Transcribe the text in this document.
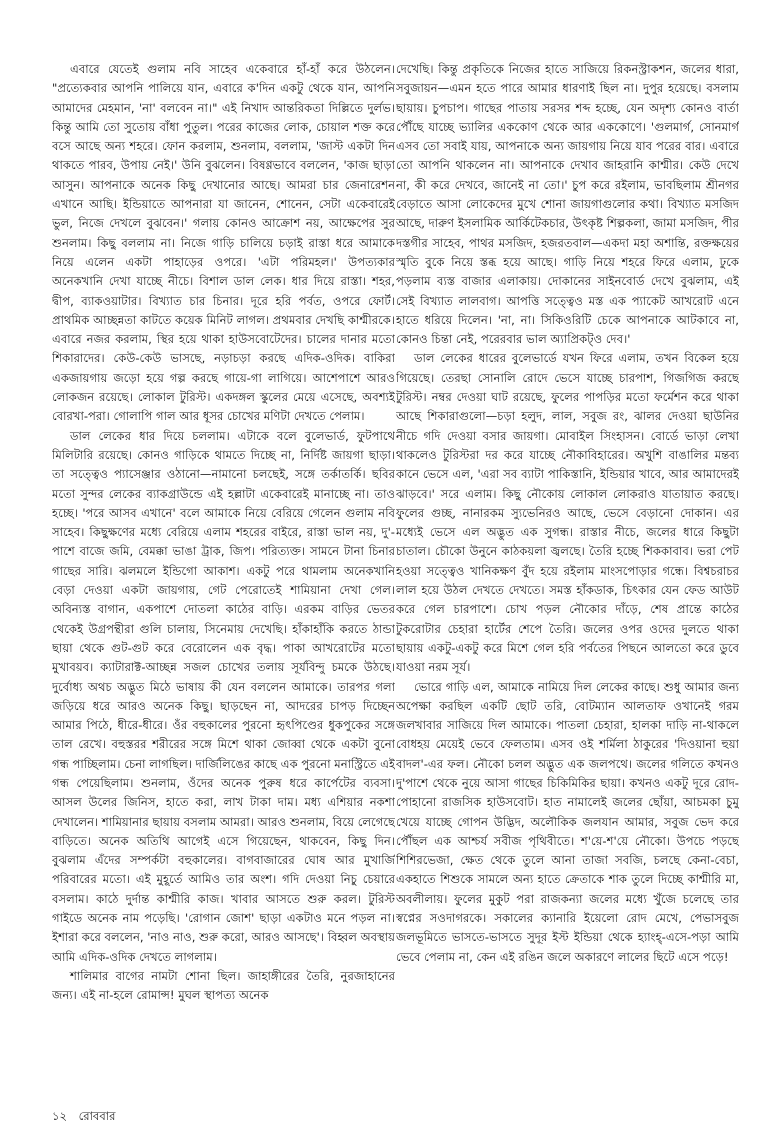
এবারে যেতেই গুলাম নবি সাহেব একেবারে হাঁ-হাঁ করে উঠলেন। "প্রত্যেকবার আপনি পালিয়ে যান, এবারে ক'দিন একটু থেকে যান, আপনি আমাদের মেহমান, 'না' বলবেন না।" এই নিখাদ আন্তরিকতা দিল্লিতে দুর্লভ। কিন্তু আমি তো সুতোয় বাঁধা পুতুল। পরের কাজের লোক, চোয়াল শক্ত করে বসে আছে অন্য শহরে। ফোন করলাম, শুনলাম, বললাম, 'জাস্ট একটা দিন থাকতে পারব, উপায় নেই।' উনি বুঝলেন। বিষণ্ণভাবে বললেন, 'কাজ ছাড়া আসুন। আপনাকে অনেক কিছু দেখানোর আছে। আমরা চার জেনারেশন এখানে আছি। ইন্ডিয়াতে আপনারা যা জানেন, শোনেন, সেটা একেবারেই ভুল, নিজে দেখলে বুঝবেন।' গলায় কোনও আক্রোশ নয়, আক্ষেপের সুর শুনলাম। কিছু বললাম না। নিজে গাড়ি চালিয়ে চড়াই রাস্তা ধরে আমাকে নিয়ে এলেন একটা পাহাড়ের ওপরে। 'এটা পরিমহল।' উপত্যকার অনেকখানি দেখা যাচ্ছে নীচে। বিশাল ডাল লেক। ধার দিয়ে রাস্তা। শহর, দ্বীপ, ব্যাকওয়াটার। বিখ্যাত চার চিনার। দূরে হরি পর্বত, ওপরে ফোর্ট। প্রাথমিক আচ্ছন্নতা কাটতে কয়েক মিনিট লাগল। প্রথমবার দেখছি কাশ্মীরকে। এবারে নজর করলাম, স্থির হয়ে থাকা হাউসবোটেদের। চালের দানার মতো শিকারাদের। কেউ-কেউ ভাসছে, নড়াচড়া করছে এদিক-ওদিক। বাকিরা একজায়গায় জড়ো হয়ে গল্প করছে গায়ে-গা লাগিয়ে। আশেপাশে আরও লোকজন রয়েছে। লোকাল টুরিস্ট। একদঙ্গল স্কুলের মেয়ে এসেছে, অবশ্যই বোরখা-পরা। গোলাপি গাল আর ধূসর চোখের মণিটা দেখতে পেলাম।

ডাল লেকের ধার দিয়ে চললাম। এটাকে বলে বুলেভার্ড, ফুটপাথে মিলিটারি রয়েছে। কোনও গাড়িকে থামতে দিচ্ছে না, নির্দিষ্ট জায়গা ছাড়া। তা সত্ত্বেও প্যাসেঞ্জার ওঠানো—নামানো চলছেই, সঙ্গে তর্কাতর্কি। ছবির মতো সুন্দর লেকের ব্যাকগ্রাউন্ডে এই হল্লাটা একেবারেই মানাচ্ছে না। তাও হচ্ছে। 'পরে আসব এখানে' বলে আমাকে নিয়ে বেরিয়ে গেলেন গুলাম নবি সাহেব। কিছুক্ষণের মধ্যে বেরিয়ে এলাম শহরের বাইরে, রাস্তা ভাল নয়, দু'-পাশে বাজে জমি, বেমক্কা ভাঙা ট্রাক, জিপ। পরিত্যক্ত। সামনে টানা চিনার গাছের সারি। ঝলমলে ইন্ডিগো আকাশ। একটু পরে থামলাম অনেকখানি বেড়া দেওয়া একটা জায়গায়, গেট পেরোতেই শামিয়ানা দেখা গেল। অবিন্যস্ত বাগান, একপাশে দোতলা কাঠের বাড়ি। এরকম বাড়ির ভেতর থেকেই উগ্রপন্থীরা গুলি চালায়, সিনেমায় দেখেছি। হাঁকাহাঁকি করতে ঠান্ডা ছায়া থেকে গুট-গুট করে বেরোলেন এক বৃদ্ধ। পাকা আখরোটের মতো মুখাবয়ব। ক্যাটারাক্ট-আচ্ছন্ন সজল চোখের তলায় সূর্যবিন্দু চমকে উঠছে। দুর্বোধ্য অথচ অদ্ভুত মিঠে ভাষায় কী যেন বললেন আমাকে। তারপর গলা জড়িয়ে ধরে আরও অনেক কিছু। ছাড়ছেন না, আদরের চাপড় দিচ্ছেন আমার পিঠে, ধীরে-ধীরে। ওঁর বহুকালের পুরনো হৃৎপিণ্ডের ধুকপুকের সঙ্গে তাল রেখে। বহুস্তরর শরীরের সঙ্গে মিশে থাকা জোব্বা থেকে একটা বুনো গন্ধ পাচ্ছিলাম। চেনা লাগছিল। দার্জিলিঙের কাছে এক পুরনো মনাস্ট্রিতে এই গন্ধ পেয়েছিলাম। শুনলাম, ওঁদের অনেক পুরুষ ধরে কার্পেটের ব্যবসা। আসল উলের জিনিস, হাতে করা, লাখ টাকা দাম। মধ্য এশিয়ার নকশা দেখালেন। শামিয়ানার ছায়ায় বসলাম আমরা। আরও শুনলাম, বিয়ে লেগেছে বাড়িতে। অনেক অতিথি আগেই এসে গিয়েছেন, থাকবেন, কিছু দিন। বুঝলাম এঁদের সম্পর্কটা বহুকালের। বাগবাজারের ঘোষ আর মুখার্জি পরিবারের মতো। এই মুহূর্তে আমিও তার অংশ। গদি দেওয়া নিচু চেয়ারে বসলাম। কাঠে দুর্দান্ত কাশ্মীরি কাজ। খাবার আসতে শুরু করল। টুরিস্ট গাইডে অনেক নাম পড়েছি। 'রোগান জোশ' ছাড়া একটাও মনে পড়ল না। ইশারা করে বললেন, 'নাও নাও, শুরু করো, আরও আসছে'। বিহ্বল অবস্থায় আমি এদিক-ওদিক দেখতে লাগলাম।

শালিমার বাগের নামটা শোনা ছিল। জাহাঙ্গীরের তৈরি, নুরজাহানের জন্য। এই না-হলে রোমান্স! মুঘল স্থাপত্য অনেক

দেখেছি। কিন্তু প্রকৃতিকে নিজের হাতে সাজিয়ে রিকনস্ট্রাকশন, জলের ধারা, সবুজায়ন—এমন হতে পারে আমার ধারণাই ছিল না। দুপুর হয়েছে। বসলাম ছায়ায়। চুপচাপ। গাছের পাতায় সরসর শব্দ হচ্ছে, যেন অদৃশ্য কোনও বার্তা পৌঁছে যাচ্ছে ভ্যালির এককোণ থেকে আর এককোণে। 'গুলমার্গ, সোনমার্গ এসব তো সবাই যায়, আপনাকে অন্য জায়গায় নিয়ে যাব পরের বার। এবারে তো আপনি থাকলেন না। আপনাকে দেখাব জাহরানি কাশ্মীর। কেউ দেখে না, কী করে দেখবে, জানেই না তো।' চুপ করে রইলাম, ভাবছিলাম শ্রীনগর বেড়াতে আসা লোকেদের মুখে শোনা জায়গাগুলোর কথা। বিখ্যাত মসজিদ আছে, দারুণ ইসলামিক আর্কিটেকচার, উৎকৃষ্ট শিল্পকলা, জামা মসজিদ, পীর দস্তগীর সাহেব, পাথর মসজিদ, হজরতবাল—একদা মহা অশান্তি, রক্তক্ষয়ের স্মৃতি বুকে নিয়ে স্তব্ধ হয়ে আছে। গাড়ি নিয়ে শহরে ফিরে এলাম, ঢুকে পড়লাম ব্যস্ত বাজার এলাকায়। দোকানের সাইনবোর্ড দেখে বুঝলাম, এই সেই বিখ্যাত লালবাগ। আপত্তি সত্ত্বেও মস্ত এক প্যাকেট আখরোট এনে হাতে ধরিয়ে দিলেন। 'না, না। সিকিওরিটি চেকে আপনাকে আটকাবে না, কোনও চিন্তা নেই, পরেরবার ভাল অ্যাপ্রিকট্‌ও দেব।'

ডাল লেকের ধারের বুলেভার্ডে যখন ফিরে এলাম, তখন বিকেল হয়ে গিয়েছে। তেরছা সোনালি রোদে ভেসে যাচ্ছে চারপাশ, গিজগিজ করছে টুরিস্ট। নম্বর দেওয়া ঘাট রয়েছে, ফুলের পাপড়ির মতো ফর্মেশন করে থাকা আছে শিকারাগুলো—চড়া হলুদ, লাল, সবুজ রং, ঝালর দেওয়া ছাউনির নীচে গদি দেওয়া বসার জায়গা। মোবাইল সিংহাসন। বোর্ডে ভাড়া লেখা থাকলেও টুরিস্টরা দর করে যাচ্ছে নৌকাবিহারের। অখুশি বাঙালির মন্তব্য কানে ভেসে এল, 'এরা সব ব্যাটা পাকিস্তানি, ইন্ডিয়ার খাবে, আর আমাদেরই ঝাড়বে।' সরে এলাম। কিছু নৌকোয় লোকাল লোকরাও যাতায়াত করছে। ফুলের গুচ্ছ, নানারকম স্যুভেনিরও আছে, ভেসে বেড়ানো দোকান। এর মধ্যেই ভেসে এল অদ্ভুত এক সুগন্ধ। রাস্তার নীচে, জলের ধারে কিছুটা চাতাল। চৌকো উনুনে কাঠকয়লা জ্বলছে। তৈরি হচ্ছে শিককাবাব। ভরা পেট হওয়া সত্ত্বেও খানিকক্ষণ বুঁদ হয়ে রইলাম মাংসপোড়ার গন্ধে। বিশ্বচরাচর লাল হয়ে উঠল দেখতে দেখতে। সমস্ত হাঁকডাক, চিৎকার যেন ফেড আউট করে গেল চারপাশে। চোখ পড়ল নৌকোর দাঁড়ে, শেষ প্রান্তে কাঠের টুকরোটার চেহারা হার্টের শেপে তৈরি। জলের ওপর ওদের দুলতে থাকা ছায়ায় একটু-একটু করে মিশে গেল হরি পর্বতের পিছনে আলতো করে ডুবে যাওয়া নরম সূর্য।

ভোরে গাড়ি এল, আমাকে নামিয়ে দিল লেকের কাছে। শুধু আমার জন্য অপেক্ষা করছিল একটি ছোট তরি, বোটম্যান আলতাফ ওখানেই গরম জলখাবার সাজিয়ে দিল আমাকে। পাতলা চেহারা, হালকা দাড়ি না-থাকলে বোধহয় মেয়েই ভেবে ফেলতাম। এসব ওই শর্মিলা ঠাকুরের 'দিওয়ানা হুয়া বাদল'-এর ফল। নৌকো চলল অদ্ভুত এক জলপথে। জলের গলিতে কখনও দু'পাশে থেকে নুয়ে আসা গাছের চিকিমিকির ছায়া। কখনও একটু দূরে রোদ-পোহানো রাজসিক হাউসবোট। হাত নামালেই জলের ছোঁয়া, আচমকা চুমু খেয়ে যাচ্ছে গোপন উদ্ভিদ, অলৌকিক জলযান আমার, সবুজ ভেদ করে পৌঁছল এক আশ্চর্য সবীজ পৃথিবীতে। শ'য়ে-শ'য়ে নৌকো। উপচে পড়ছে শিশিরভেজা, ক্ষেত থেকে তুলে আনা তাজা সবজি, চলছে কেনা-বেচা, একহাতে শিশুকে সামলে অন্য হাতে ক্রেতাকে শাক তুলে দিচ্ছে কাশ্মীরি মা, অবলীলায়। ফুলের মুকুট পরা রাজকন্যা জলের মধ্যে খুঁজে চলেছে তার স্বপ্নের সওদাগরকে। সকালের ক্যানারি ইয়েলো রোদ মেখে, পেভাসবুজ জলভূমিতে ভাসতে-ভাসতে সুদূর ইস্ট ইন্ডিয়া থেকে হ্যাংহ্-এসে-পড়া আমি ভেবে পেলাম না, কেন এই রঙিন জলে অকারণে লালের ছিটে এসে পড়ে!

১২ রোববার
